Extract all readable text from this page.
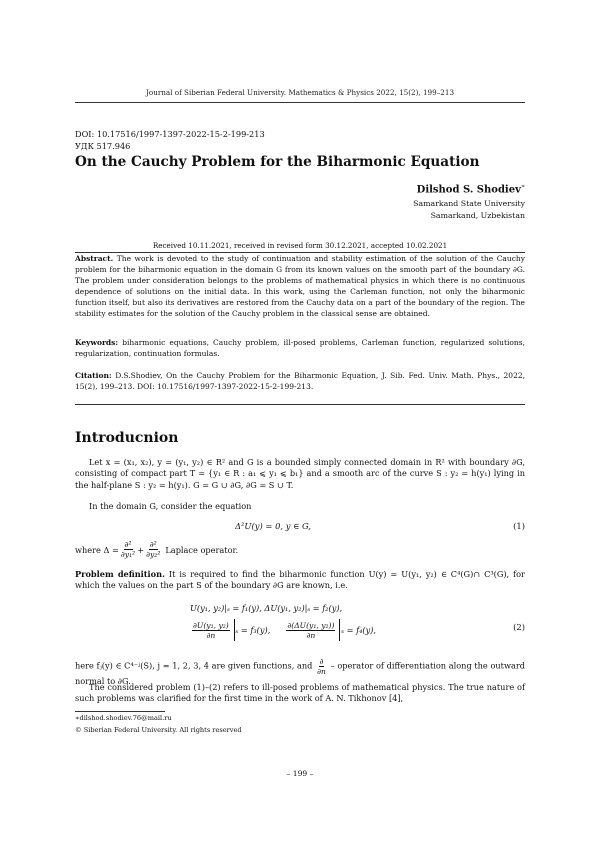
Journal of Siberian Federal University. Mathematics & Physics 2022, 15(2), 199–213
DOI: 10.17516/1997-1397-2022-15-2-199-213
УДК 517.946
On the Cauchy Problem for the Biharmonic Equation
Dilshod S. Shodiev∗
Samarkand State University
Samarkand, Uzbekistan
Received 10.11.2021, received in revised form 30.12.2021, accepted 10.02.2021
Abstract. The work is devoted to the study of continuation and stability estimation of the solution of the Cauchy problem for the biharmonic equation in the domain G from its known values on the smooth part of the boundary ∂G. The problem under consideration belongs to the problems of mathematical physics in which there is no continuous dependence of solutions on the initial data. In this work, using the Carleman function, not only the biharmonic function itself, but also its derivatives are restored from the Cauchy data on a part of the boundary of the region. The stability estimates for the solution of the Cauchy problem in the classical sense are obtained.
Keywords: biharmonic equations, Cauchy problem, ill-posed problems, Carleman function, regularized solutions, regularization, continuation formulas.
Citation: D.S.Shodiev, On the Cauchy Problem for the Biharmonic Equation, J. Sib. Fed. Univ. Math. Phys., 2022, 15(2), 199–213. DOI: 10.17516/1997-1397-2022-15-2-199-213.
Introducnion
Let x = (x₁, x₂), y = (y₁, y₂) ∈ R² and G is a bounded simply connected domain in R² with boundary ∂G, consisting of compact part T = {y₁ ∈ R : a₁ ⩽ y₁ ⩽ b₁} and a smooth arc of the curve S : y₂ = h(y₁) lying in the half-plane S : y₂ = h(y₁). G = G ∪ ∂G, ∂G = S ∪ T.
In the domain G, consider the equation
Δ²U(y) = 0, y ∈ G,	(1)
where $\Delta = \frac{\text{∂²}}{\text{∂y₁²}} + \frac{\text{∂²}}{\text{∂y₂²}}$ Laplace operator.
Problem definition. It is required to find the biharmonic function U(y) = U(y₁, y₂) ∈ C⁴(G)∩ C³(G), for which the values on the part S of the boundary ∂G are known, i.e.
U(y₁, y₂)|ₛ = f₁(y), ΔU(y₁, y₂)|ₛ = f₂(y),
$\frac{\text{∂U(y₁, y₂)}}{\partial n}$ ₛ = f₃(y), $\frac{\text{∂(ΔU(y₁, y₂))}}{\partial n}$ ₛ = f₄(y),	(2)
here fⱼ(y) ∈ C⁴⁻ʲ(S), j = 1, 2, 3, 4 are given functions, and $\frac{\partial}{\partial n}$ – operator of differentiation along the outward normal to ∂G.
The considered problem (1)–(2) refers to ill-posed problems of mathematical physics. The true nature of such problems was clarified for the first time in the work of A. N. Tikhonov [4],
∗dilshod.shodiev.76@mail.ru
© Siberian Federal University. All rights reserved
– 199 –
